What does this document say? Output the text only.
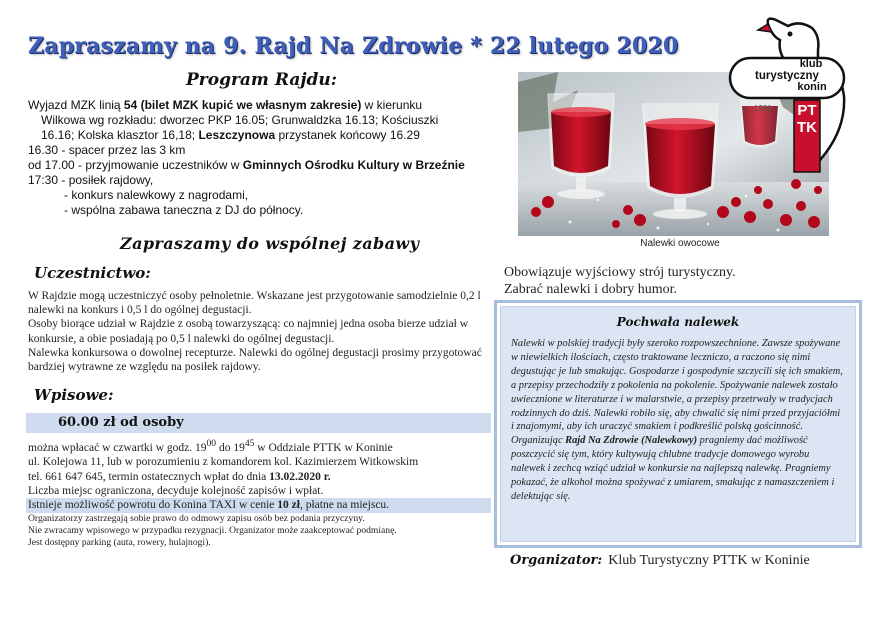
Zapraszamy na 9. Rajd Na Zdrowie * 22 lutego 2020
Program Rajdu:
Wyjazd MZK linią 54 (bilet MZK kupić we własnym zakresie) w kierunku
Wilkowa wg rozkładu: dworzec PKP 16.05; Grunwaldzka 16.13; Kościuszki
16.16; Kolska klasztor 16,18; Leszczynowa przystanek końcowy 16.29
16.30 - spacer przez las 3 km
od 17.00 - przyjmowanie uczestników w Gminnych Ośrodku Kultury w Brzeźnie
17:30 - posiłek rajdowy,
- konkurs nalewkowy z nagrodami,
- wspólna zabawa taneczna z DJ do północy.
Zapraszamy do wspólnej zabawy
Uczestnictwo:
W Rajdzie mogą uczestniczyć osoby pełnoletnie. Wskazane jest przygotowanie samodzielnie 0,2 l nalewki na konkurs i 0,5 l do ogólnej degustacji.
Osoby biorące udział w Rajdzie z osobą towarzyszącą: co najmniej jedna osoba bierze udział w konkursie, a obie posiadają po 0,5 l nalewki do ogólnej degustacji.
Nalewka konkursowa o dowolnej recepturze. Nalewki do ogólnej degustacji prosimy przygotować bardziej wytrawne ze względu na posiłek rajdowy.
Wpisowe:
60.00 zł od osoby
można wpłacać w czwartki w godz. $19^{00}$ do $19^{45}$ w Oddziale PTTK w Koninie
ul. Kolejowa 11, lub w porozumieniu z komandorem kol. Kazimierzem Witkowskim
tel. 661 647 645, termin ostatecznych wpłat do dnia 13.02.2020 r.
Liczba miejsc ograniczona, decyduje kolejność zapisów i wpłat.
Istnieje możliwość powrotu do Konina TAXI w cenie 10 zł, płatne na miejscu.
Organizatorzy zastrzegają sobie prawo do odmowy zapisu osób bez podania przyczyny.
Nie zwracamy wpisowego w przypadku rezygnacji. Organizator może zaakceptować podmianę.
Jest dostępny parking (auta, rowery, hulajnogi).
Nalewki owocowe
klub
turystyczny
konin
1981	PTTK
Obowiązuje wyjściowy strój turystyczny.
Zabrać nalewki i dobry humor.
Pochwała nalewek
Nalewki w polskiej tradycji były szeroko rozpowszechnione. Zawsze spożywane w niewielkich ilościach, często traktowane leczniczo, a raczono się nimi degustując je lub smakując. Gospodarze i gospodynie szczycili się ich smakiem, a przepisy przechodziły z pokolenia na pokolenie. Spożywanie nalewek zostało uwiecznione w literaturze i w malarstwie, a przepisy przetrwały w tradycjach rodzinnych do dziś. Nalewki robiło się, aby chwalić się nimi przed przyjaciółmi i znajomymi, aby ich uraczyć smakiem i podkreślić polską gościnność. Organizując Rajd Na Zdrowie (Nalewkowy) pragniemy dać możliwość poszczycić się tym, który kultywują chlubne tradycje domowego wyrobu nalewek i zechcą wziąć udział w konkursie na najlepszą nalewkę. Pragniemy pokazać, że alkohol można spożywać z umiarem, smakując z namaszczeniem i delektując się.
Organizator: Klub Turystyczny PTTK w Koninie
